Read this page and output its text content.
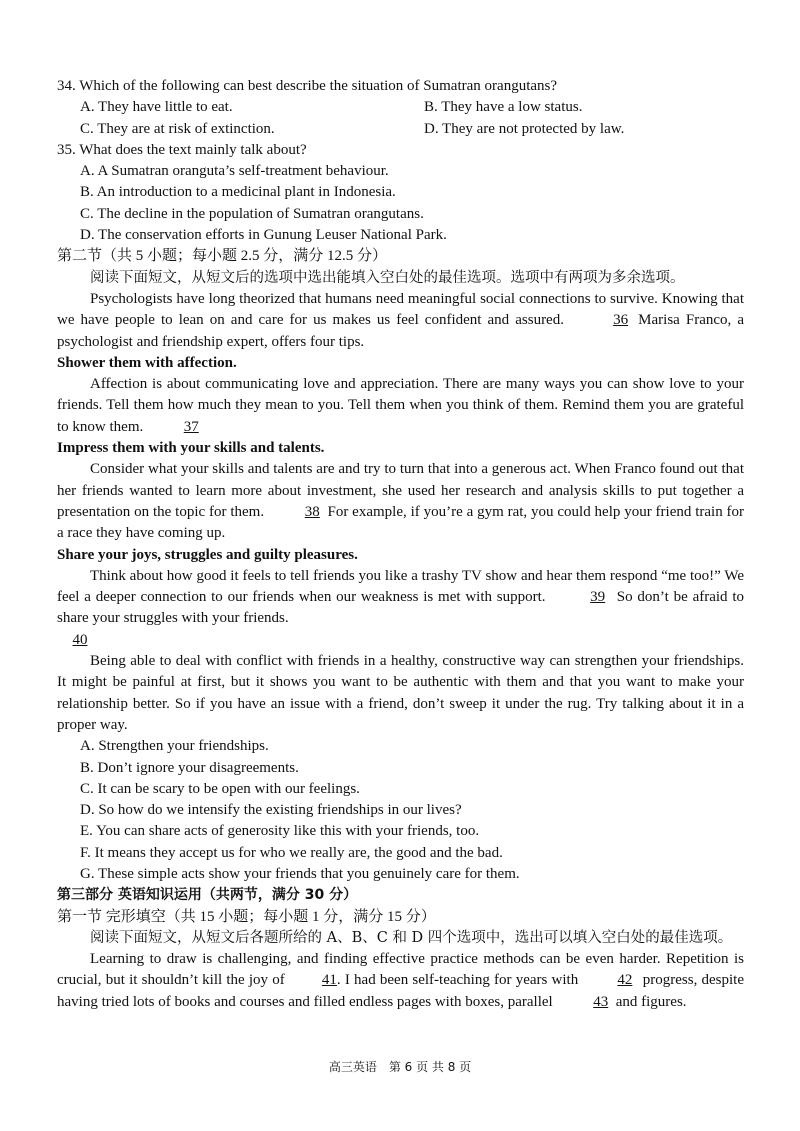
34. Which of the following can best describe the situation of Sumatran orangutans?

A. They have little to eat.	B. They have a low status.
C. They are at risk of extinction.	D. They are not protected by law.

35. What does the text mainly talk about?

A. A Sumatran oranguta’s self-treatment behaviour.

B. An introduction to a medicinal plant in Indonesia.

C. The decline in the population of Sumatran orangutans.

D. The conservation efforts in Gunung Leuser National Park.

第二节（共 5 小题；每小题 2.5 分，满分 12.5 分）

阅读下面短文，从短文后的选项中选出能填入空白处的最佳选项。选项中有两项为多余选项。

Psychologists have long theorized that humans need meaningful social connections to survive. Knowing that we have people to lean on and care for us makes us feel confident and assured.	36 Marisa Franco, a psychologist and friendship expert, offers four tips.

Shower them with affection.

Affection is about communicating love and appreciation. There are many ways you can show love to your friends. Tell them how much they mean to you. Tell them when you think of them. Remind them you are grateful to know them.	37

Impress them with your skills and talents.

Consider what your skills and talents are and try to turn that into a generous act. When Franco found out that her friends wanted to learn more about investment, she used her research and analysis skills to put together a presentation on the topic for them.	38 For example, if you’re a gym rat, you could help your friend train for a race they have coming up.

Share your joys, struggles and guilty pleasures.

Think about how good it feels to tell friends you like a trashy TV show and hear them respond “me too!” We feel a deeper connection to our friends when our weakness is met with support.	39 So don’t be afraid to share your struggles with your friends.

40

Being able to deal with conflict with friends in a healthy, constructive way can strengthen your friendships. It might be painful at first, but it shows you want to be authentic with them and that you want to make your relationship better. So if you have an issue with a friend, don’t sweep it under the rug. Try talking about it in a proper way.

A. Strengthen your friendships.

B. Don’t ignore your disagreements.

C. It can be scary to be open with our feelings.

D. So how do we intensify the existing friendships in our lives?

E. You can share acts of generosity like this with your friends, too.

F. It means they accept us for who we really are, the good and the bad.

G. These simple acts show your friends that you genuinely care for them.

第三部分 英语知识运用（共两节，满分 30 分）

第一节 完形填空（共 15 小题；每小题 1 分，满分 15 分）

阅读下面短文，从短文后各题所给的 A、B、C 和 D 四个选项中，选出可以填入空白处的最佳选项。

Learning to draw is challenging, and finding effective practice methods can be even harder. Repetition is crucial, but it shouldn’t kill the joy of 41. I had been self-teaching for years with	42 progress, despite having tried lots of books and courses and filled endless pages with boxes, parallel	43 and figures.

高三英语　第 6 页 共 8 页
